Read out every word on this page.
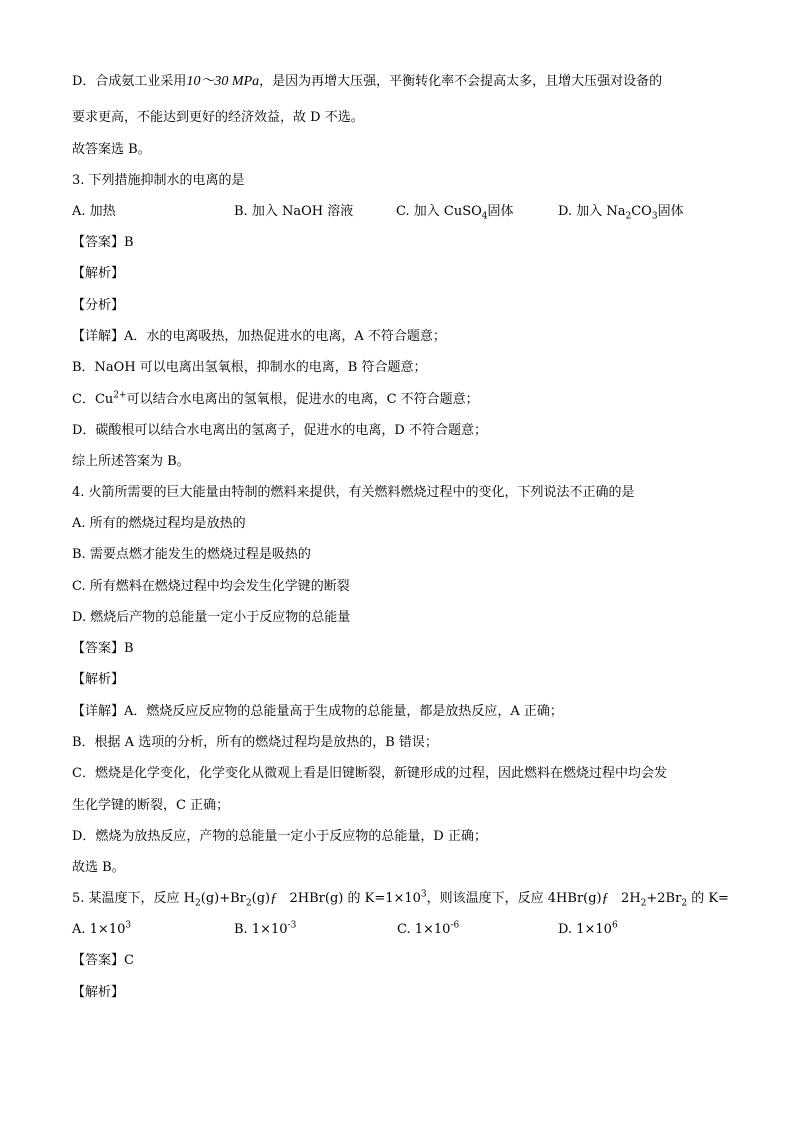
D．合成氨工业采用10～30 MPa，是因为再增大压强，平衡转化率不会提高太多，且增大压强对设备的
要求更高，不能达到更好的经济效益，故 D 不选。
故答案选 B。
3. 下列措施抑制水的电离的是
A. 加热	B. 加入 NaOH 溶液	C. 加入 CuSO$_4$固体	D. 加入 $Na_2CO_3$固体
【答案】B
【解析】
【分析】
【详解】A．水的电离吸热，加热促进水的电离，A 不符合题意；
B．NaOH 可以电离出氢氧根，抑制水的电离，B 符合题意；
C．$Cu^{2+}$可以结合水电离出的氢氧根，促进水的电离，C 不符合题意；
D．碳酸根可以结合水电离出的氢离子，促进水的电离，D 不符合题意；
综上所述答案为 B。
4. 火箭所需要的巨大能量由特制的燃料来提供，有关燃料燃烧过程中的变化，下列说法不正确的是
A. 所有的燃烧过程均是放热的
B. 需要点燃才能发生的燃烧过程是吸热的
C. 所有燃料在燃烧过程中均会发生化学键的断裂
D. 燃烧后产物的总能量一定小于反应物的总能量
【答案】B
【解析】
【详解】A．燃烧反应反应物的总能量高于生成物的总能量，都是放热反应，A 正确；
B．根据 A 选项的分析，所有的燃烧过程均是放热的，B 错误；
C．燃烧是化学变化，化学变化从微观上看是旧键断裂，新键形成的过程，因此燃料在燃烧过程中均会发
生化学键的断裂，C 正确；
D．燃烧为放热反应，产物的总能量一定小于反应物的总能量，D 正确；
故选 B。
5. 某温度下，反应 $H_2(g)+Br_2(g)ƒ$ 2HBr(g) 的 $K=1\times 10^3$，则该温度下，反应 4HBr(g)ƒ $2H_2+2Br_2$ 的 K=
A. $1\times 10^3$	B. $1\times 10^{-3}$	C. $1\times 10^{-6}$	D. $1\times 10^6$
【答案】C
【解析】
